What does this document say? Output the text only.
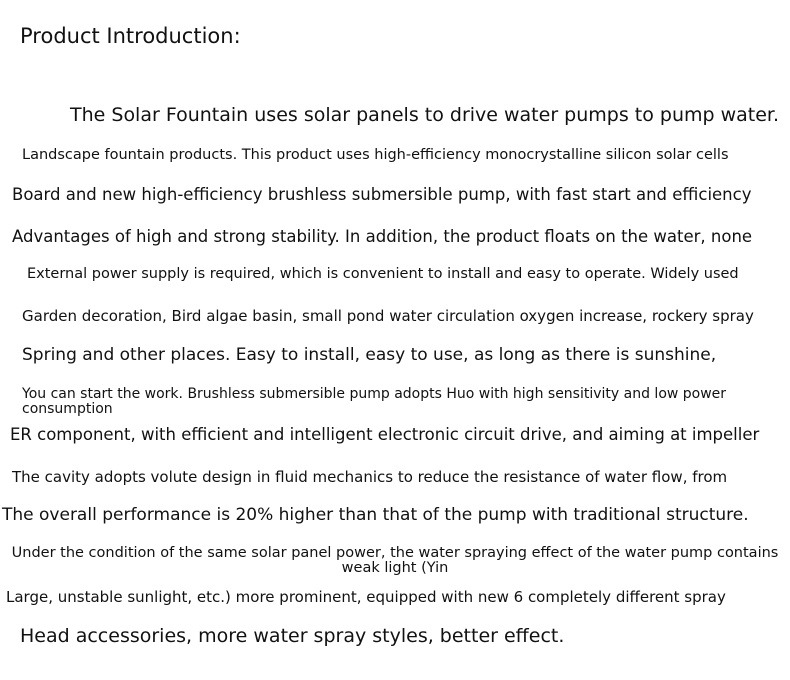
Product Introduction:
The Solar Fountain uses solar panels to drive water pumps to pump water.
Landscape fountain products. This product uses high-efficiency monocrystalline silicon solar cells
Board and new high-efficiency brushless submersible pump, with fast start and efficiency
Advantages of high and strong stability. In addition, the product floats on the water, none
External power supply is required, which is convenient to install and easy to operate. Widely used
Garden decoration, Bird algae basin, small pond water circulation oxygen increase, rockery spray
Spring and other places. Easy to install, easy to use, as long as there is sunshine,
You can start the work. Brushless submersible pump adopts Huo with high sensitivity and low power consumption
ER component, with efficient and intelligent electronic circuit drive, and aiming at impeller
The cavity adopts volute design in fluid mechanics to reduce the resistance of water flow, from
The overall performance is 20% higher than that of the pump with traditional structure.
Under the condition of the same solar panel power, the water spraying effect of the water pump contains weak light (Yin
Large, unstable sunlight, etc.) more prominent, equipped with new 6 completely different spray
Head accessories, more water spray styles, better effect.
